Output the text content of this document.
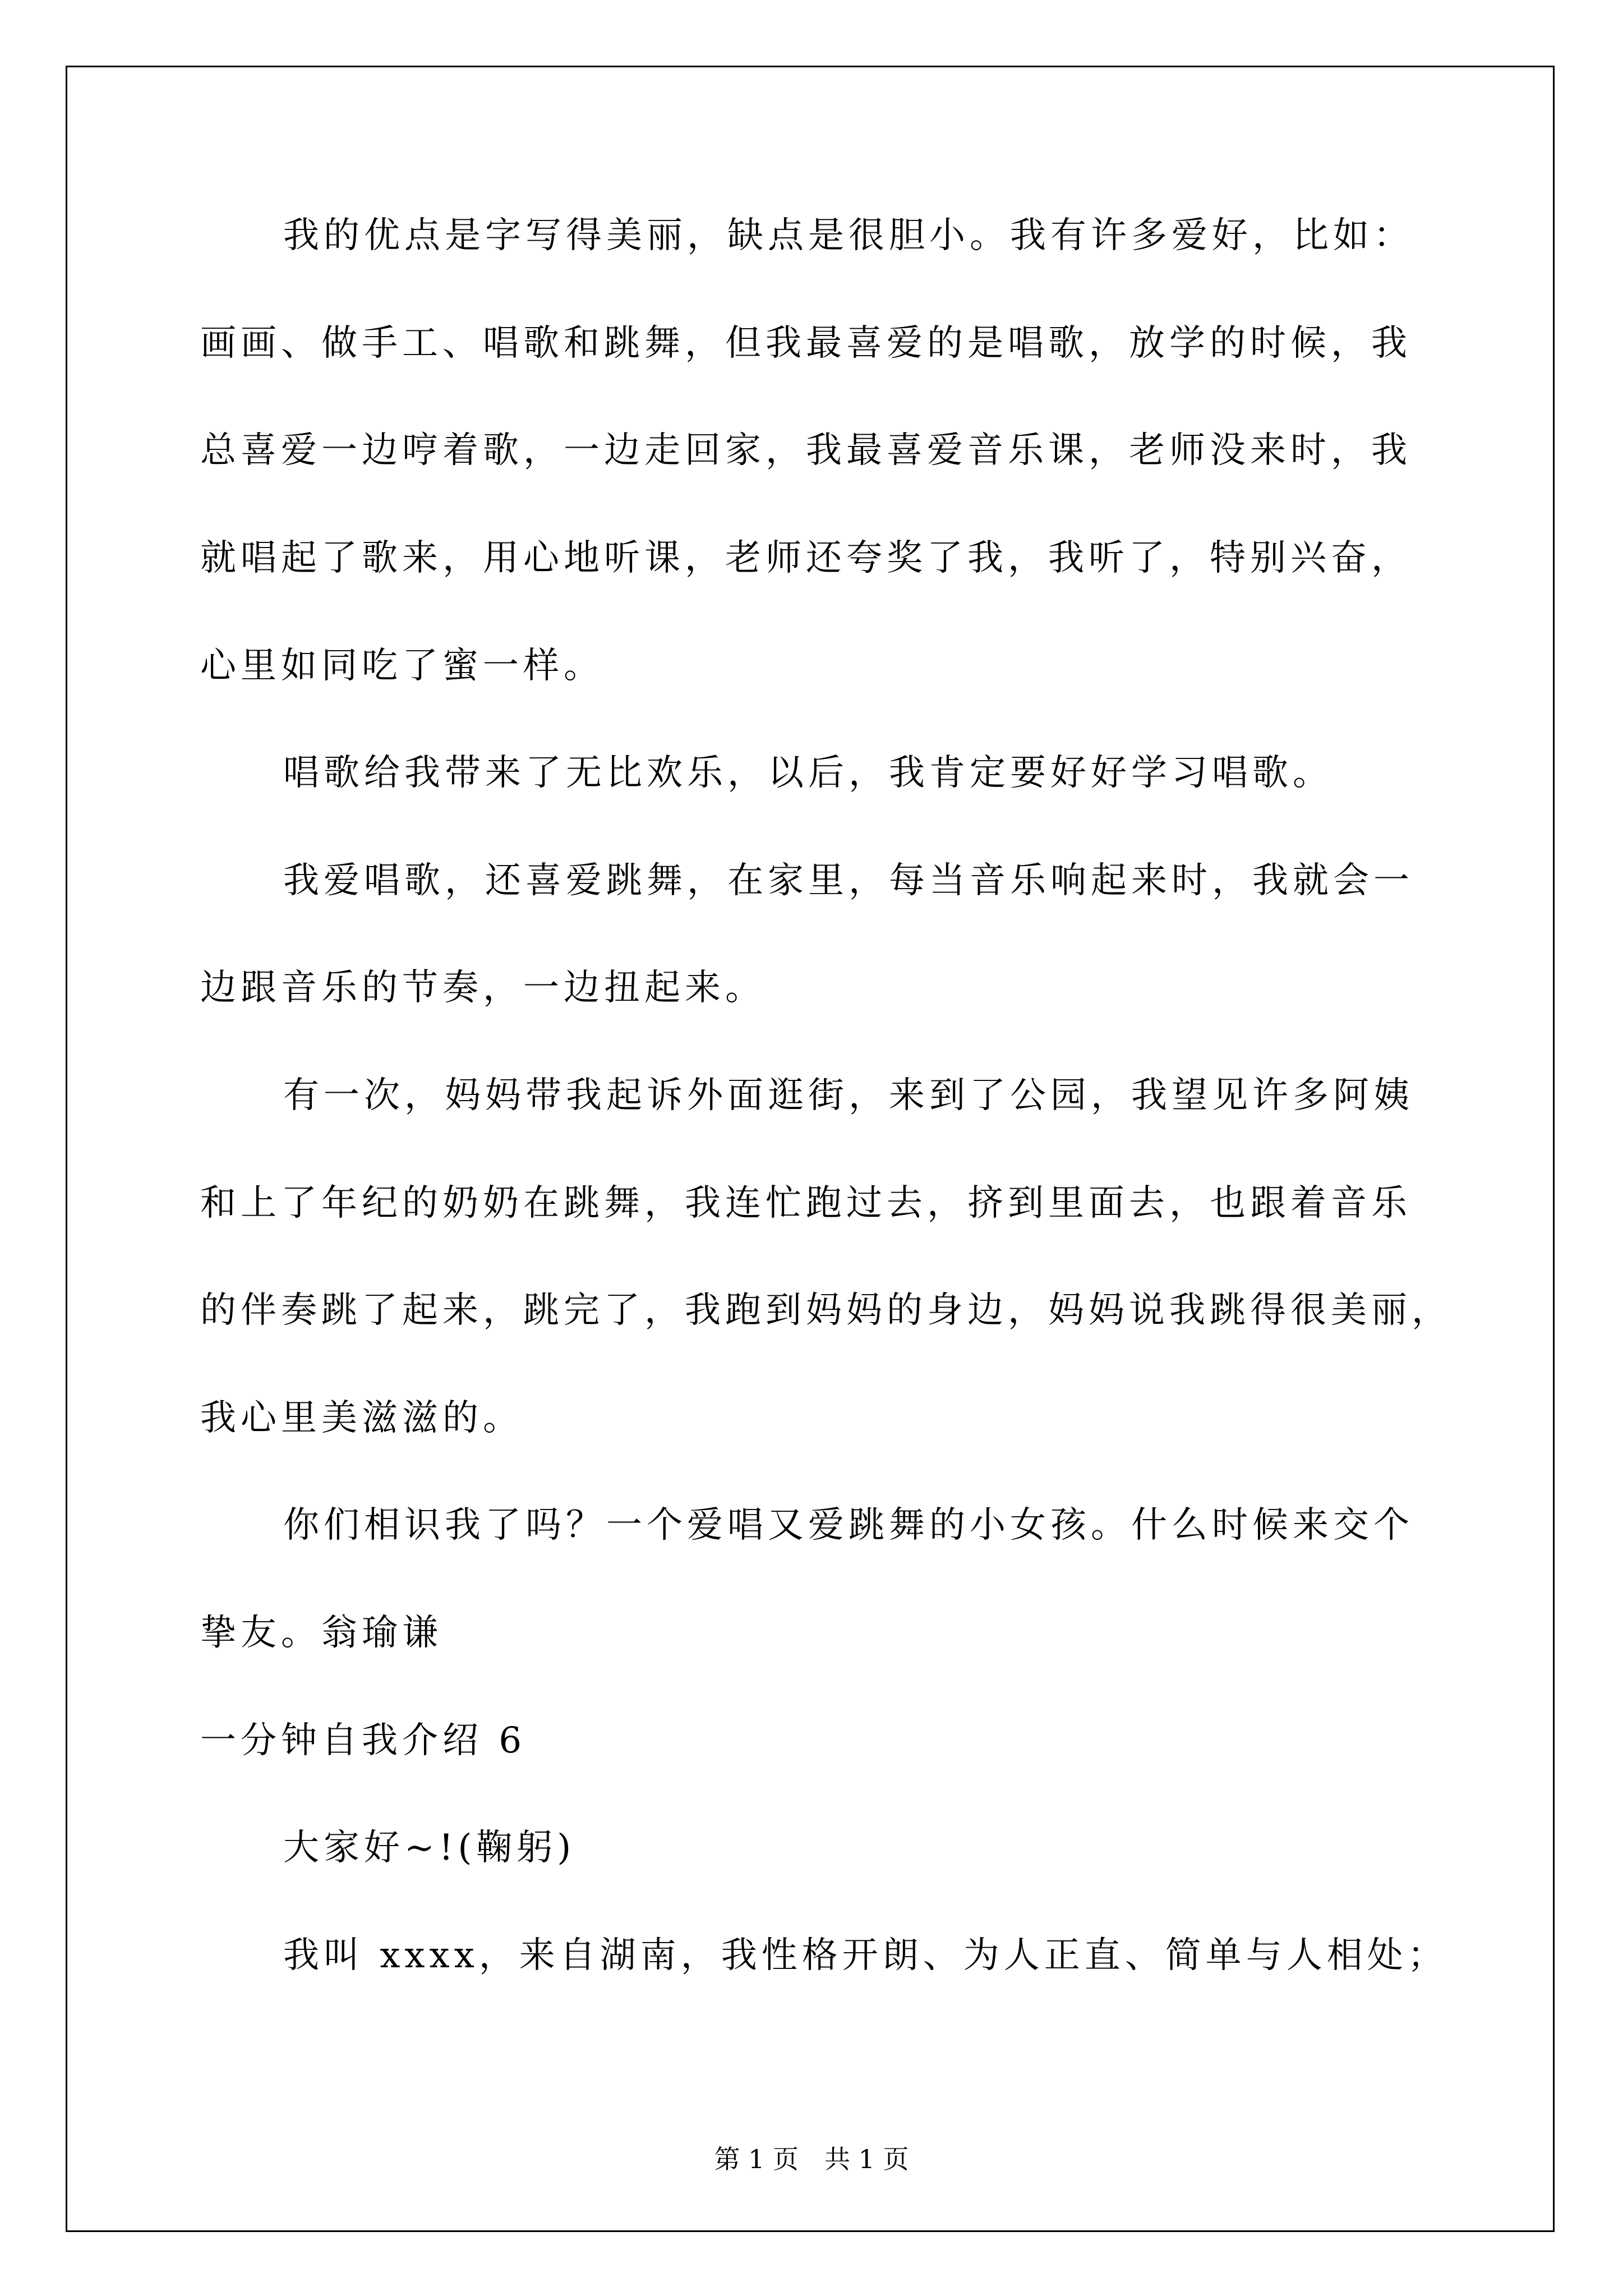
我的优点是字写得美丽，缺点是很胆小。我有许多爱好，比如：
画画、做手工、唱歌和跳舞，但我最喜爱的是唱歌，放学的时候，我
总喜爱一边哼着歌，一边走回家，我最喜爱音乐课，老师没来时，我
就唱起了歌来，用心地听课，老师还夸奖了我，我听了，特别兴奋，
心里如同吃了蜜一样。
唱歌给我带来了无比欢乐，以后，我肯定要好好学习唱歌。
我爱唱歌，还喜爱跳舞，在家里，每当音乐响起来时，我就会一
边跟音乐的节奏，一边扭起来。
有一次，妈妈带我起诉外面逛街，来到了公园，我望见许多阿姨
和上了年纪的奶奶在跳舞，我连忙跑过去，挤到里面去，也跟着音乐
的伴奏跳了起来，跳完了，我跑到妈妈的身边，妈妈说我跳得很美丽，
我心里美滋滋的。
你们相识我了吗？一个爱唱又爱跳舞的小女孩。什么时候来交个
挚友。翁瑜谦
一分钟自我介绍 6
大家好~!(鞠躬)
我叫 xxxx，来自湖南，我性格开朗、为人正直、简单与人相处；
第 1 页　共 1 页
